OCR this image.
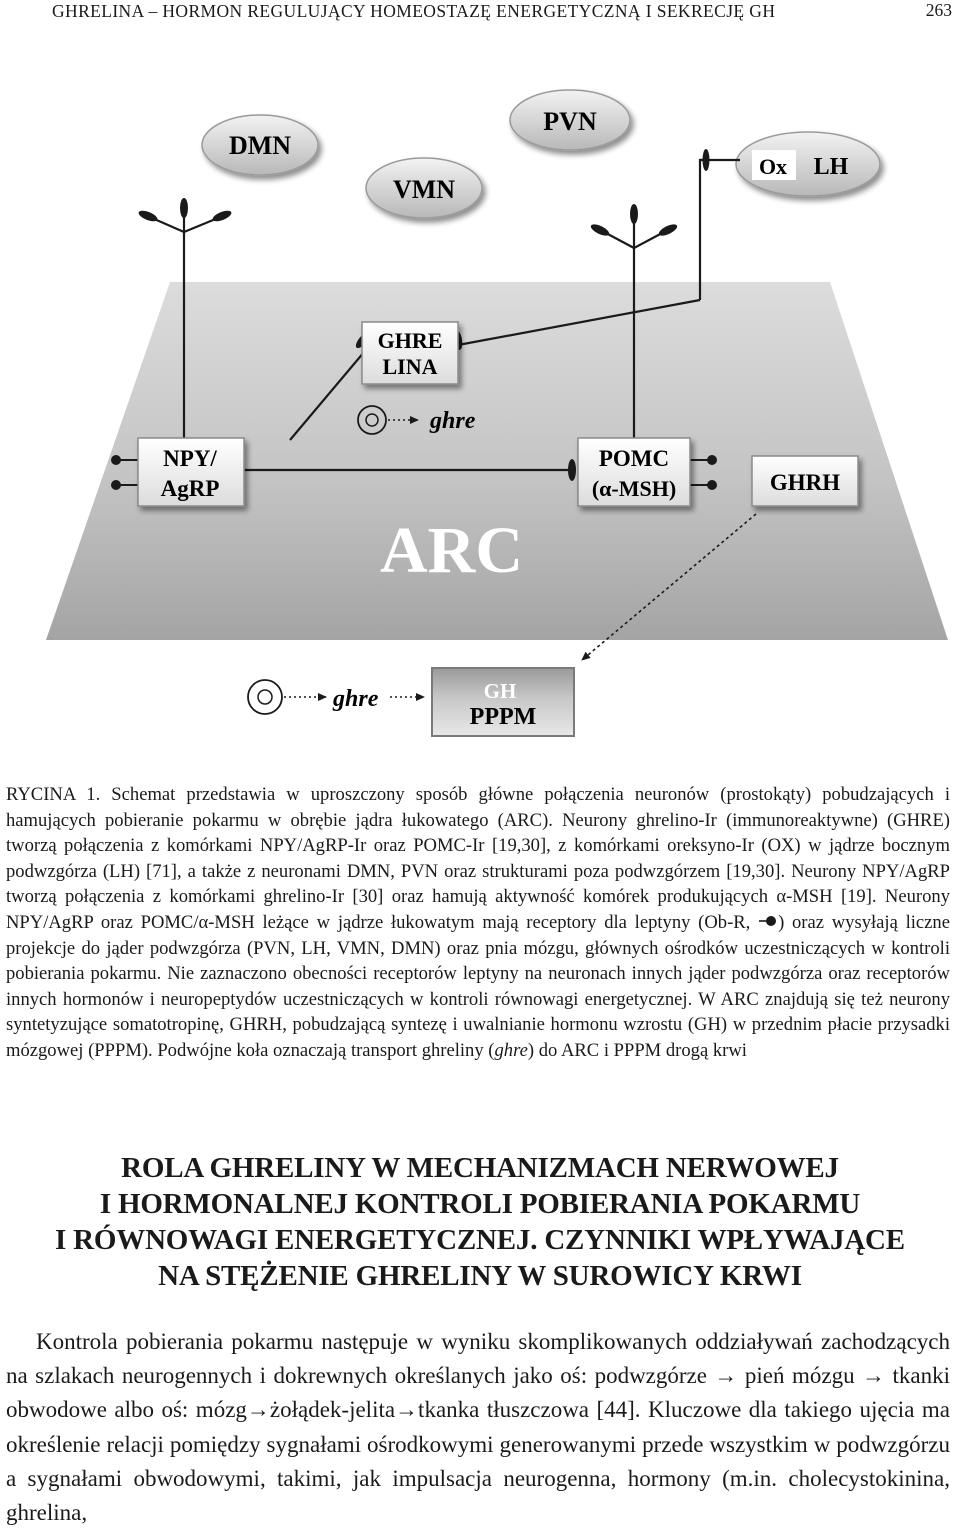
GHRELINA – HORMON REGULUJĄCY HOMEOSTAZĘ ENERGETYCZNĄ I SEKRECJĘ GH	263
DMN
VMN
PVN
Ox LH
GHRE
LINA
ghre
NPY/
AgRP
POMC
(α-MSH)	GHRH
ARC
ghre	GH
PPPM

RYCINA 1. Schemat przedstawia w uproszczony sposób główne połączenia neuronów (prostokąty) pobudzających i hamujących pobieranie pokarmu w obrębie jądra łukowatego (ARC). Neurony ghrelino-Ir (immunoreaktywne) (GHRE) tworzą połączenia z komórkami NPY/AgRP-Ir oraz POMC-Ir [19,30], z komórkami oreksyno-Ir (OX) w jądrze bocznym podwzgórza (LH) [71], a także z neuronami DMN, PVN oraz strukturami poza podwzgórzem [19,30]. Neurony NPY/AgRP tworzą połączenia z komórkami ghrelino-Ir [30] oraz hamują aktywność komórek produkujących α-MSH [19]. Neurony NPY/AgRP oraz POMC/α-MSH leżące w jądrze łukowatym mają receptory dla leptyny (Ob-R, ) oraz wysyłają liczne projekcje do jąder podwzgórza (PVN, LH, VMN, DMN) oraz pnia mózgu, głównych ośrodków uczestniczących w kontroli pobierania pokarmu. Nie zaznaczono obecności receptorów leptyny na neuronach innych jąder podwzgórza oraz receptorów innych hormonów i neuropeptydów uczestniczących w kontroli równowagi energetycznej. W ARC znajdują się też neurony syntetyzujące somatotropinę, GHRH, pobudzającą syntezę i uwalnianie hormonu wzrostu (GH) w przednim płacie przysadki mózgowej (PPPM). Podwójne koła oznaczają transport ghreliny (ghre) do ARC i PPPM drogą krwi

ROLA GHRELINY W MECHANIZMACH NERWOWEJ
I HORMONALNEJ KONTROLI POBIERANIA POKARMU
I RÓWNOWAGI ENERGETYCZNEJ. CZYNNIKI WPŁYWAJĄCE
NA STĘŻENIE GHRELINY W SUROWICY KRWI

Kontrola pobierania pokarmu następuje w wyniku skomplikowanych oddziaływań zachodzących na szlakach neurogennych i dokrewnych określanych jako oś: podwzgórze → pień mózgu → tkanki obwodowe albo oś: mózg→żołądek-jelita→tkanka tłuszczowa [44]. Kluczowe dla takiego ujęcia ma określenie relacji pomiędzy sygnałami ośrodkowymi generowanymi przede wszystkim w podwzgórzu a sygnałami obwodowymi, takimi, jak impulsacja neurogenna, hormony (m.in. cholecystokinina, ghrelina,
